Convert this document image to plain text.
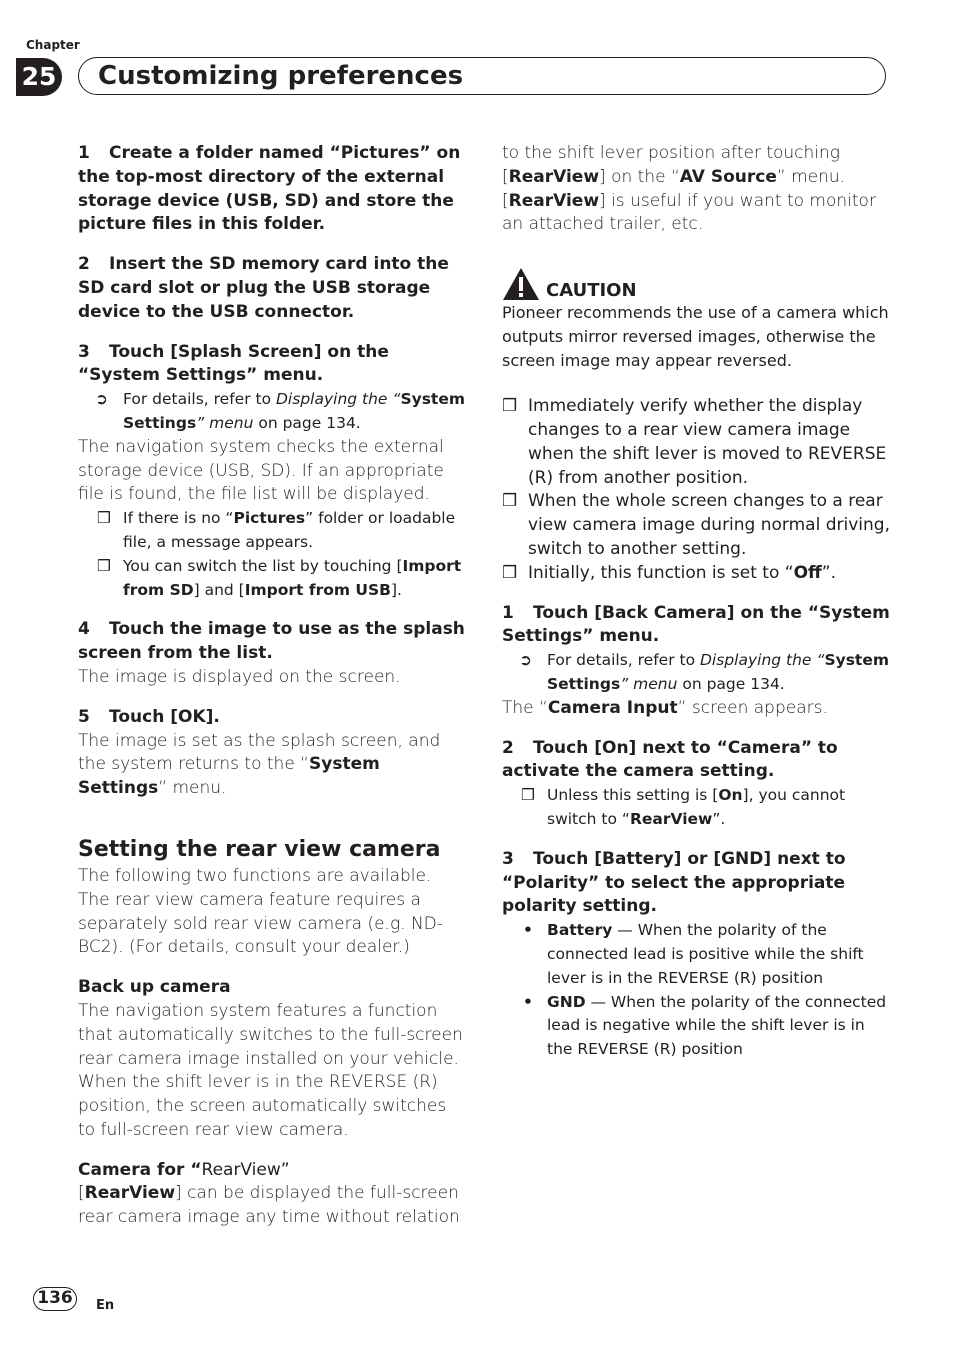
Chapter
25	Customizing preferences

1 Create a folder named “Pictures” on the top-most directory of the external storage device (USB, SD) and store the picture files in this folder.

2 Insert the SD memory card into the SD card slot or plug the USB storage device to the USB connector.

3 Touch [Splash Screen] on the “System Settings” menu.

➲ For details, refer to Displaying the “System Settings” menu on page 134.

The navigation system checks the external storage device (USB, SD). If an appropriate file is found, the file list will be displayed.

❒ If there is no “Pictures” folder or loadable file, a message appears.

❒ You can switch the list by touching [Import from SD] and [Import from USB].

4 Touch the image to use as the splash screen from the list.

The image is displayed on the screen.

5 Touch [OK].

The image is set as the splash screen, and the system returns to the “System Settings” menu.

Setting the rear view camera

The following two functions are available. The rear view camera feature requires a separately sold rear view camera (e.g. ND-BC2). (For details, consult your dealer.)

Back up camera

The navigation system features a function that automatically switches to the full-screen rear camera image installed on your vehicle. When the shift lever is in the REVERSE (R) position, the screen automatically switches to full-screen rear view camera.

Camera for “RearView”

[RearView] can be displayed the full-screen rear camera image any time without relation

to the shift lever position after touching [RearView] on the “AV Source” menu. [RearView] is useful if you want to monitor an attached trailer, etc.

CAUTION

Pioneer recommends the use of a camera which outputs mirror reversed images, otherwise the screen image may appear reversed.

❒ Immediately verify whether the display changes to a rear view camera image when the shift lever is moved to REVERSE (R) from another position.

❒ When the whole screen changes to a rear view camera image during normal driving, switch to another setting.

❒ Initially, this function is set to “Off”.

1 Touch [Back Camera] on the “System Settings” menu.

➲ For details, refer to Displaying the “System Settings” menu on page 134.

The “Camera Input” screen appears.

2 Touch [On] next to “Camera” to activate the camera setting.

❒ Unless this setting is [On], you cannot switch to “RearView”.

3 Touch [Battery] or [GND] next to “Polarity” to select the appropriate polarity setting.

• Battery — When the polarity of the connected lead is positive while the shift lever is in the REVERSE (R) position

• GND — When the polarity of the connected lead is negative while the shift lever is in the REVERSE (R) position

136	En
